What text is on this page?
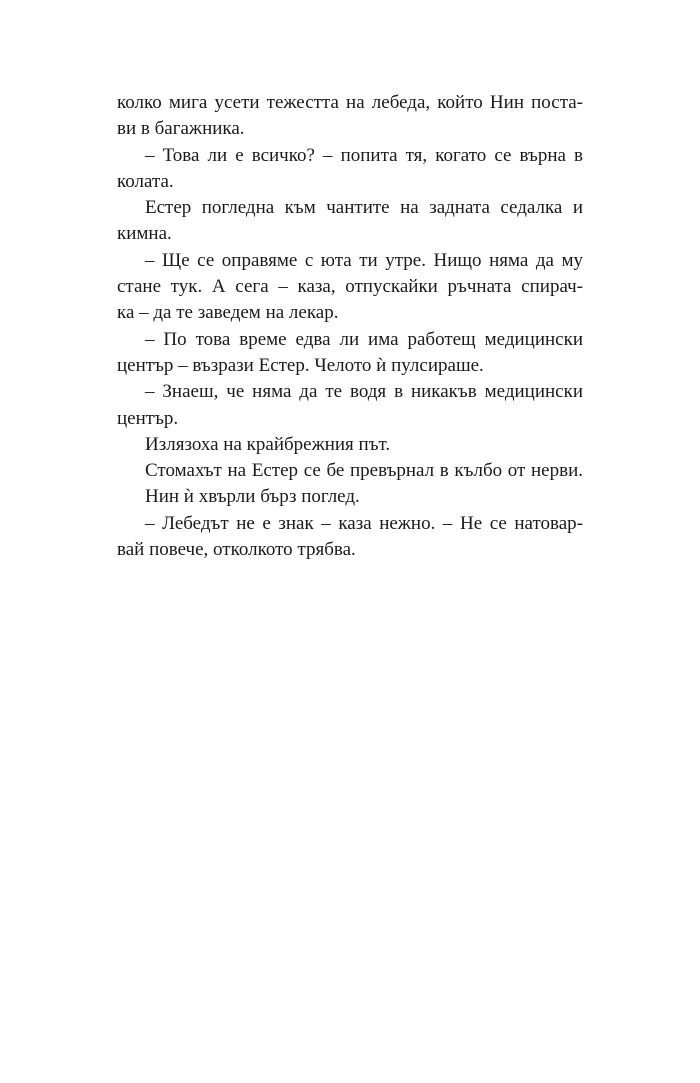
колко мига усети тежестта на лебеда, който Нин поста-
ви в багажника.
– Това ли е всичко? – попита тя, когато се върна в
колата.
Естер погледна към чантите на задната седалка и
кимна.
– Ще се оправяме с юта ти утре. Нищо няма да му
стане тук. А сега – каза, отпускайки ръчната спирач-
ка – да те заведем на лекар.
– По това време едва ли има работещ медицински
център – възрази Естер. Челото ѝ пулсираше.
– Знаеш, че няма да те водя в никакъв медицински
център.
Излязоха на крайбрежния път.
Стомахът на Естер се бе превърнал в кълбо от нерви.
Нин ѝ хвърли бърз поглед.
– Лебедът не е знак – каза нежно. – Не се натовар-
вай повече, отколкото трябва.
